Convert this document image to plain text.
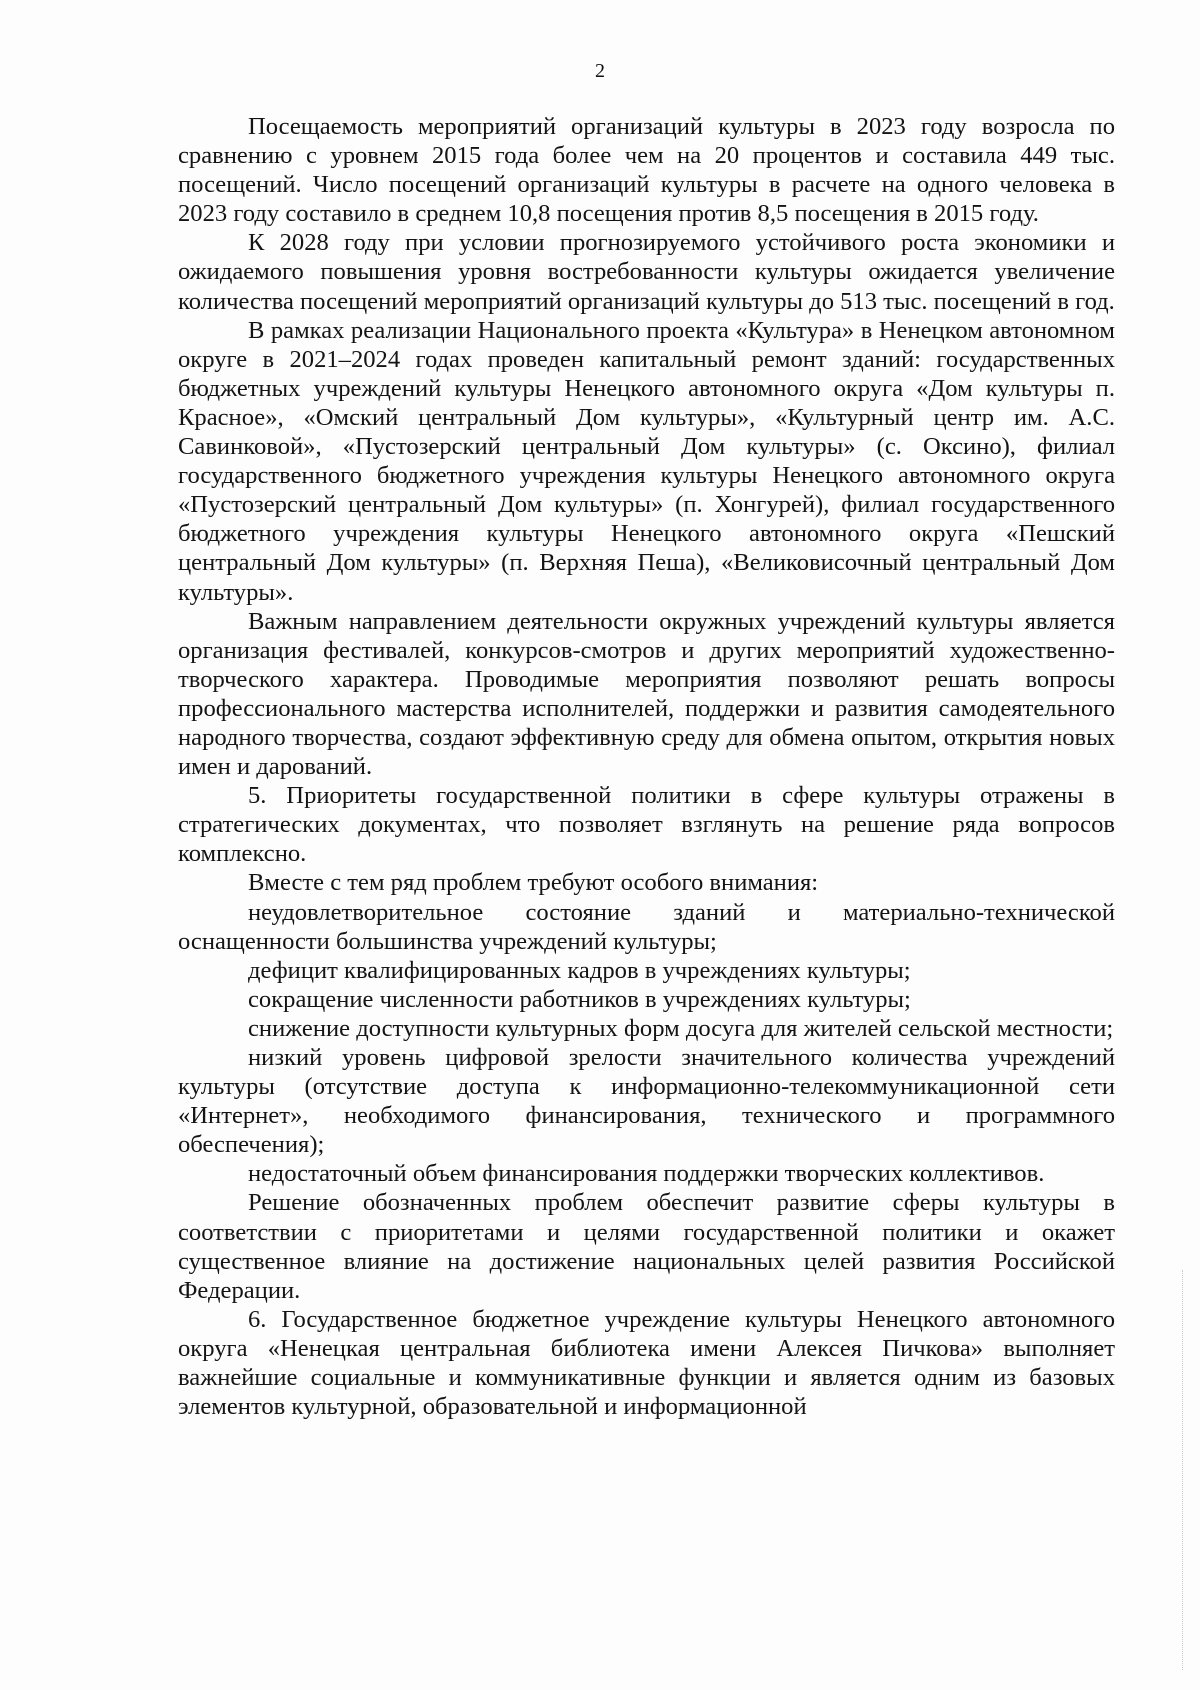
2

Посещаемость мероприятий организаций культуры в 2023 году возросла по сравнению с уровнем 2015 года более чем на 20 процентов и составила 449 тыс. посещений. Число посещений организаций культуры в расчете на одного человека в 2023 году составило в среднем 10,8 посещения против 8,5 посещения в 2015 году.

К 2028 году при условии прогнозируемого устойчивого роста экономики и ожидаемого повышения уровня востребованности культуры ожидается увеличение количества посещений мероприятий организаций культуры до 513 тыс. посещений в год.

В рамках реализации Национального проекта «Культура» в Ненецком автономном округе в 2021–2024 годах проведен капитальный ремонт зданий: государственных бюджетных учреждений культуры Ненецкого автономного округа «Дом культуры п. Красное», «Омский центральный Дом культуры», «Культурный центр им. А.С. Савинковой», «Пустозерский центральный Дом культуры» (с. Оксино), филиал государственного бюджетного учреждения культуры Ненецкого автономного округа «Пустозерский центральный Дом культуры» (п. Хонгурей), филиал государственного бюджетного учреждения культуры Ненецкого автономного округа «Пешский центральный Дом культуры» (п. Верхняя Пеша), «Великовисочный центральный Дом культуры».

Важным направлением деятельности окружных учреждений культуры является организация фестивалей, конкурсов-смотров и других мероприятий художественно-творческого характера. Проводимые мероприятия позволяют решать вопросы профессионального мастерства исполнителей, поддержки и развития самодеятельного народного творчества, создают эффективную среду для обмена опытом, открытия новых имен и дарований.

5. Приоритеты государственной политики в сфере культуры отражены в стратегических документах, что позволяет взглянуть на решение ряда вопросов комплексно.

Вместе с тем ряд проблем требуют особого внимания:

неудовлетворительное состояние зданий и материально-технической оснащенности большинства учреждений культуры;

дефицит квалифицированных кадров в учреждениях культуры;

сокращение численности работников в учреждениях культуры;

снижение доступности культурных форм досуга для жителей сельской местности;

низкий уровень цифровой зрелости значительного количества учреждений культуры (отсутствие доступа к информационно-телекоммуникационной сети «Интернет», необходимого финансирования, технического и программного обеспечения);

недостаточный объем финансирования поддержки творческих коллективов.

Решение обозначенных проблем обеспечит развитие сферы культуры в соответствии с приоритетами и целями государственной политики и окажет существенное влияние на достижение национальных целей развития Российской Федерации.

6. Государственное бюджетное учреждение культуры Ненецкого автономного округа «Ненецкая центральная библиотека имени Алексея Пичкова» выполняет важнейшие социальные и коммуникативные функции и является одним из базовых элементов культурной, образовательной и информационной
